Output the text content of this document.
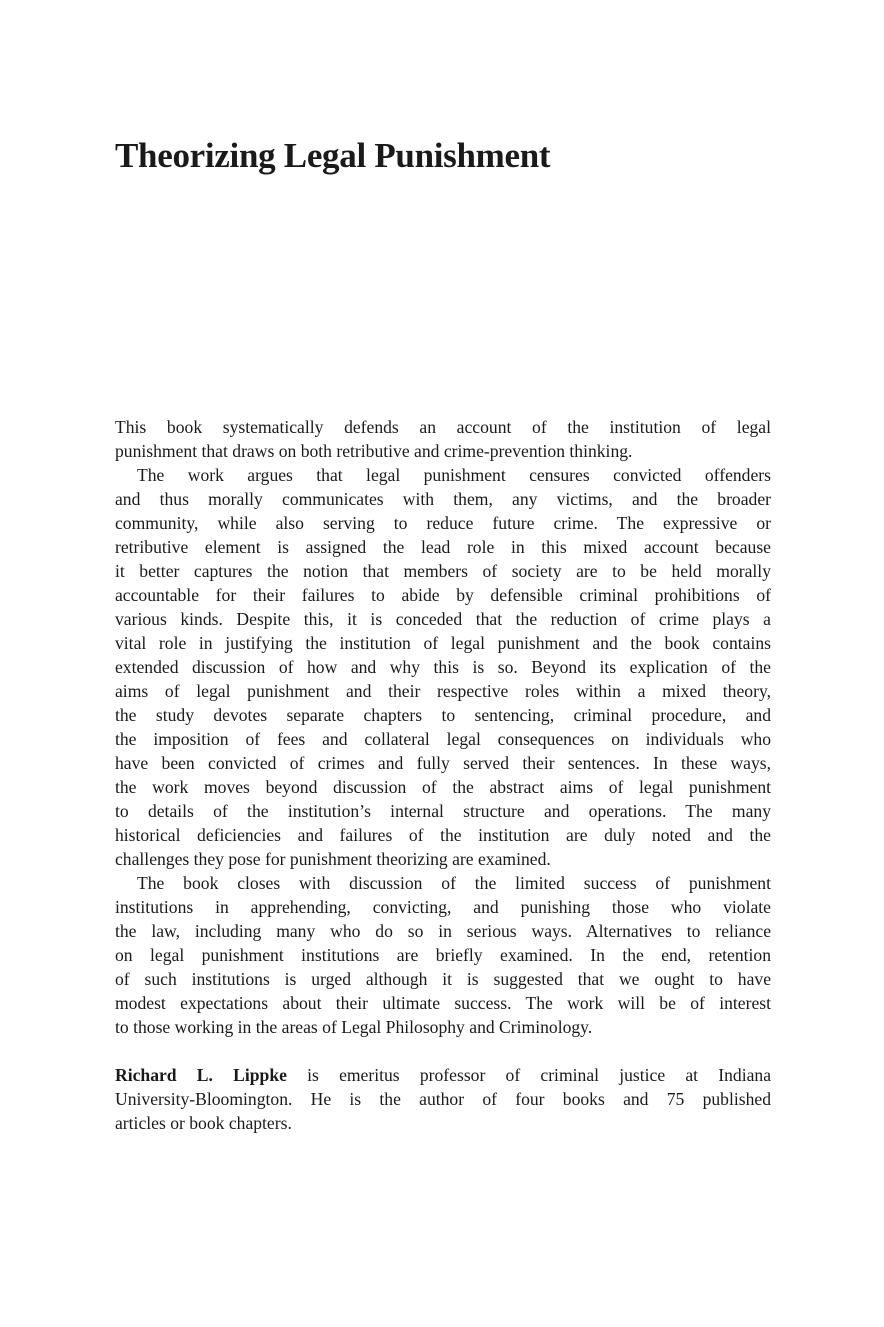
Theorizing Legal Punishment
This book systematically defends an account of the institution of legal
punishment that draws on both retributive and crime-prevention thinking.
The work argues that legal punishment censures convicted offenders
and thus morally communicates with them, any victims, and the broader
community, while also serving to reduce future crime. The expressive or
retributive element is assigned the lead role in this mixed account because
it better captures the notion that members of society are to be held morally
accountable for their failures to abide by defensible criminal prohibitions of
various kinds. Despite this, it is conceded that the reduction of crime plays a
vital role in justifying the institution of legal punishment and the book contains
extended discussion of how and why this is so. Beyond its explication of the
aims of legal punishment and their respective roles within a mixed theory,
the study devotes separate chapters to sentencing, criminal procedure, and
the imposition of fees and collateral legal consequences on individuals who
have been convicted of crimes and fully served their sentences. In these ways,
the work moves beyond discussion of the abstract aims of legal punishment
to details of the institution’s internal structure and operations. The many
historical deficiencies and failures of the institution are duly noted and the
challenges they pose for punishment theorizing are examined.
The book closes with discussion of the limited success of punishment
institutions in apprehending, convicting, and punishing those who violate
the law, including many who do so in serious ways. Alternatives to reliance
on legal punishment institutions are briefly examined. In the end, retention
of such institutions is urged although it is suggested that we ought to have
modest expectations about their ultimate success. The work will be of interest
to those working in the areas of Legal Philosophy and Criminology.
Richard L. Lippke is emeritus professor of criminal justice at Indiana
University-Bloomington. He is the author of four books and 75 published
articles or book chapters.
